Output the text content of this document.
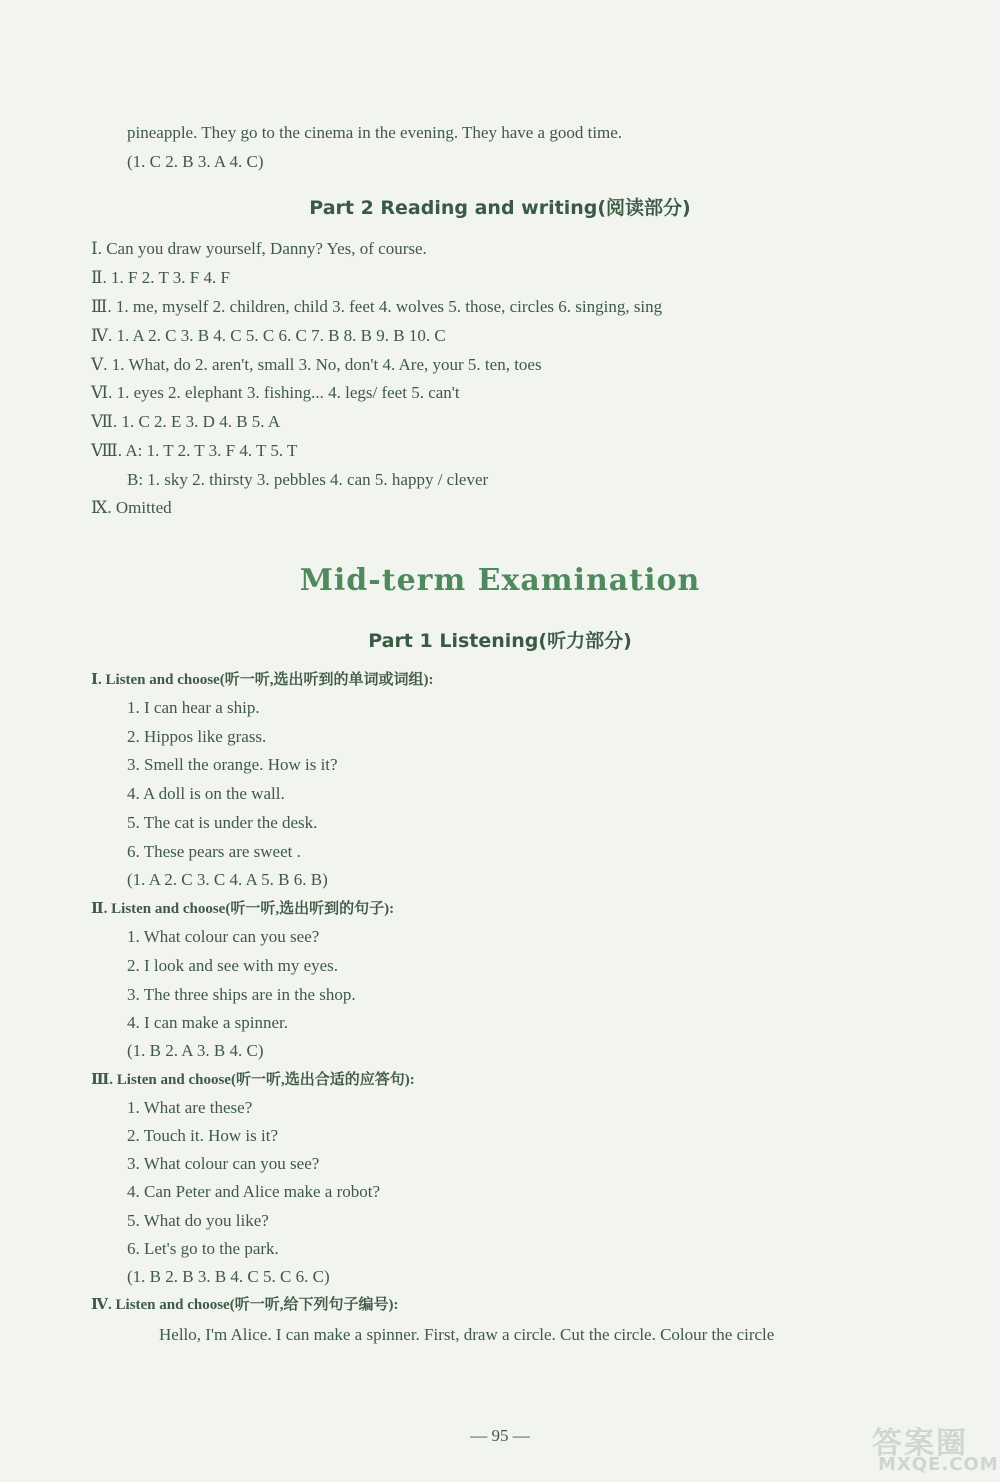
pineapple. They go to the cinema in the evening. They have a good time.
(1. C 2. B 3. A 4. C)
Part 2 Reading and writing(阅读部分)
Ⅰ. Can you draw yourself, Danny? Yes, of course.
Ⅱ. 1. F 2. T 3. F 4. F
Ⅲ. 1. me, myself 2. children, child 3. feet 4. wolves 5. those, circles 6. singing, sing
Ⅳ. 1. A 2. C 3. B 4. C 5. C 6. C 7. B 8. B 9. B 10. C
Ⅴ. 1. What, do 2. aren't, small 3. No, don't 4. Are, your 5. ten, toes
Ⅵ. 1. eyes 2. elephant 3. fishing... 4. legs/ feet 5. can't
Ⅶ. 1. C 2. E 3. D 4. B 5. A
Ⅷ. A: 1. T 2. T 3. F 4. T 5. T
B: 1. sky 2. thirsty 3. pebbles 4. can 5. happy / clever
Ⅸ. Omitted
Mid-term Examination
Part 1 Listening(听力部分)
Ⅰ. Listen and choose(听一听,选出听到的单词或词组):
1. I can hear a ship.
2. Hippos like grass.
3. Smell the orange. How is it?
4. A doll is on the wall.
5. The cat is under the desk.
6. These pears are sweet .
(1. A 2. C 3. C 4. A 5. B 6. B)
Ⅱ. Listen and choose(听一听,选出听到的句子):
1. What colour can you see?
2. I look and see with my eyes.
3. The three ships are in the shop.
4. I can make a spinner.
(1. B 2. A 3. B 4. C)
Ⅲ. Listen and choose(听一听,选出合适的应答句):
1. What are these?
2. Touch it. How is it?
3. What colour can you see?
4. Can Peter and Alice make a robot?
5. What do you like?
6. Let's go to the park.
(1. B 2. B 3. B 4. C 5. C 6. C)
Ⅳ. Listen and choose(听一听,给下列句子编号):
Hello, I'm Alice. I can make a spinner. First, draw a circle. Cut the circle. Colour the circle
— 95 —	答案圈
MXQE.COM
